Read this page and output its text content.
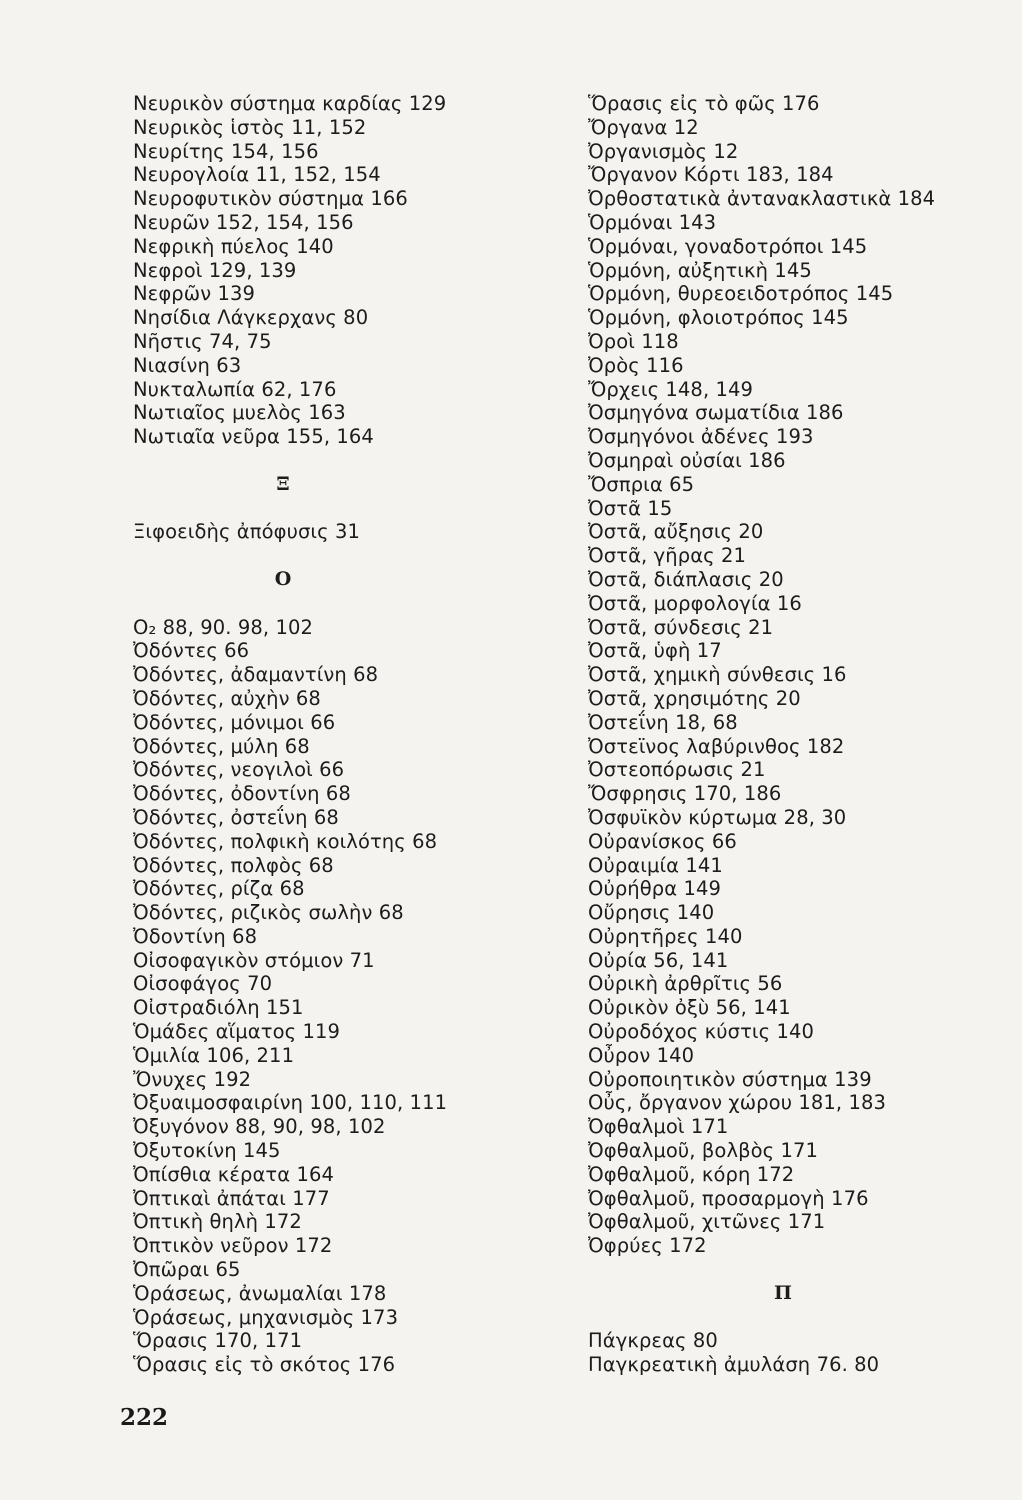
Νευρικὸν σύστημα καρδίας 129
Νευρικὸς ἱστὸς 11, 152
Νευρίτης 154, 156
Νευρογλοία 11, 152, 154
Νευροφυτικὸν σύστημα 166
Νευρῶν 152, 154, 156
Νεφρικὴ πύελος 140
Νεφροὶ 129, 139
Νεφρῶν 139
Νησίδια Λάγκερχανς 80
Νῆστις 74, 75
Νιασίνη 63
Νυκταλωπία 62, 176
Νωτιαῖος μυελὸς 163
Νωτιαῖα νεῦρα 155, 164
Ξ
Ξιφοειδὴς ἀπόφυσις 31
Ο
O₂ 88, 90. 98, 102
Ὀδόντες 66
Ὀδόντες, ἀδαμαντίνη 68
Ὀδόντες, αὐχὴν 68
Ὀδόντες, μόνιμοι 66
Ὀδόντες, μύλη 68
Ὀδόντες, νεογιλοὶ 66
Ὀδόντες, ὀδοντίνη 68
Ὀδόντες, ὀστεΐνη 68
Ὀδόντες, πολφικὴ κοιλότης 68
Ὀδόντες, πολφὸς 68
Ὀδόντες, ρίζα 68
Ὀδόντες, ριζικὸς σωλὴν 68
Ὀδοντίνη 68
Οἰσοφαγικὸν στόμιον 71
Οἰσοφάγος 70
Οἰστραδιόλη 151
Ὁμάδες αἵματος 119
Ὁμιλία 106, 211
Ὄνυχες 192
Ὀξυαιμοσφαιρίνη 100, 110, 111
Ὀξυγόνον 88, 90, 98, 102
Ὀξυτοκίνη 145
Ὀπίσθια κέρατα 164
Ὀπτικαὶ ἀπάται 177
Ὀπτικὴ θηλὴ 172
Ὀπτικὸν νεῦρον 172
Ὀπῶραι 65
Ὁράσεως, ἀνωμαλίαι 178
Ὁράσεως, μηχανισμὸς 173
Ὅρασις 170, 171
Ὅρασις εἰς τὸ σκότος 176
Ὅρασις εἰς τὸ φῶς 176
Ὄργανα 12
Ὀργανισμὸς 12
Ὄργανον Κόρτι 183, 184
Ὀρθοστατικὰ ἀντανακλαστικὰ 184
Ὁρμόναι 143
Ὁρμόναι, γοναδοτρόποι 145
Ὁρμόνη, αὐξητικὴ 145
Ὁρμόνη, θυρεοειδοτρόπος 145
Ὁρμόνη, φλοιοτρόπος 145
Ὀροὶ 118
Ὀρὸς 116
Ὄρχεις 148, 149
Ὀσμηγόνα σωματίδια 186
Ὀσμηγόνοι ἀδένες 193
Ὀσμηραὶ οὐσίαι 186
Ὄσπρια 65
Ὀστᾶ 15
Ὀστᾶ, αὔξησις 20
Ὀστᾶ, γῆρας 21
Ὀστᾶ, διάπλασις 20
Ὀστᾶ, μορφολογία 16
Ὀστᾶ, σύνδεσις 21
Ὀστᾶ, ὑφὴ 17
Ὀστᾶ, χημικὴ σύνθεσις 16
Ὀστᾶ, χρησιμότης 20
Ὀστεΐνη 18, 68
Ὀστεϊνος λαβύρινθος 182
Ὀστεοπόρωσις 21
Ὄσφρησις 170, 186
Ὀσφυϊκὸν κύρτωμα 28, 30
Οὐρανίσκος 66
Οὐραιμία 141
Οὐρήθρα 149
Οὔρησις 140
Οὐρητῆρες 140
Οὐρία 56, 141
Οὐρικὴ ἀρθρῖτις 56
Οὐρικὸν ὀξὺ 56, 141
Οὐροδόχος κύστις 140
Οὖρον 140
Οὐροποιητικὸν σύστημα 139
Οὖς, ὄργανον χώρου 181, 183
Ὀφθαλμοὶ 171
Ὀφθαλμοῦ, βολβὸς 171
Ὀφθαλμοῦ, κόρη 172
Ὀφθαλμοῦ, προσαρμογὴ 176
Ὀφθαλμοῦ, χιτῶνες 171
Ὀφρύες 172
Π
Πάγκρεας 80
Παγκρεατικὴ ἀμυλάση 76. 80
222
